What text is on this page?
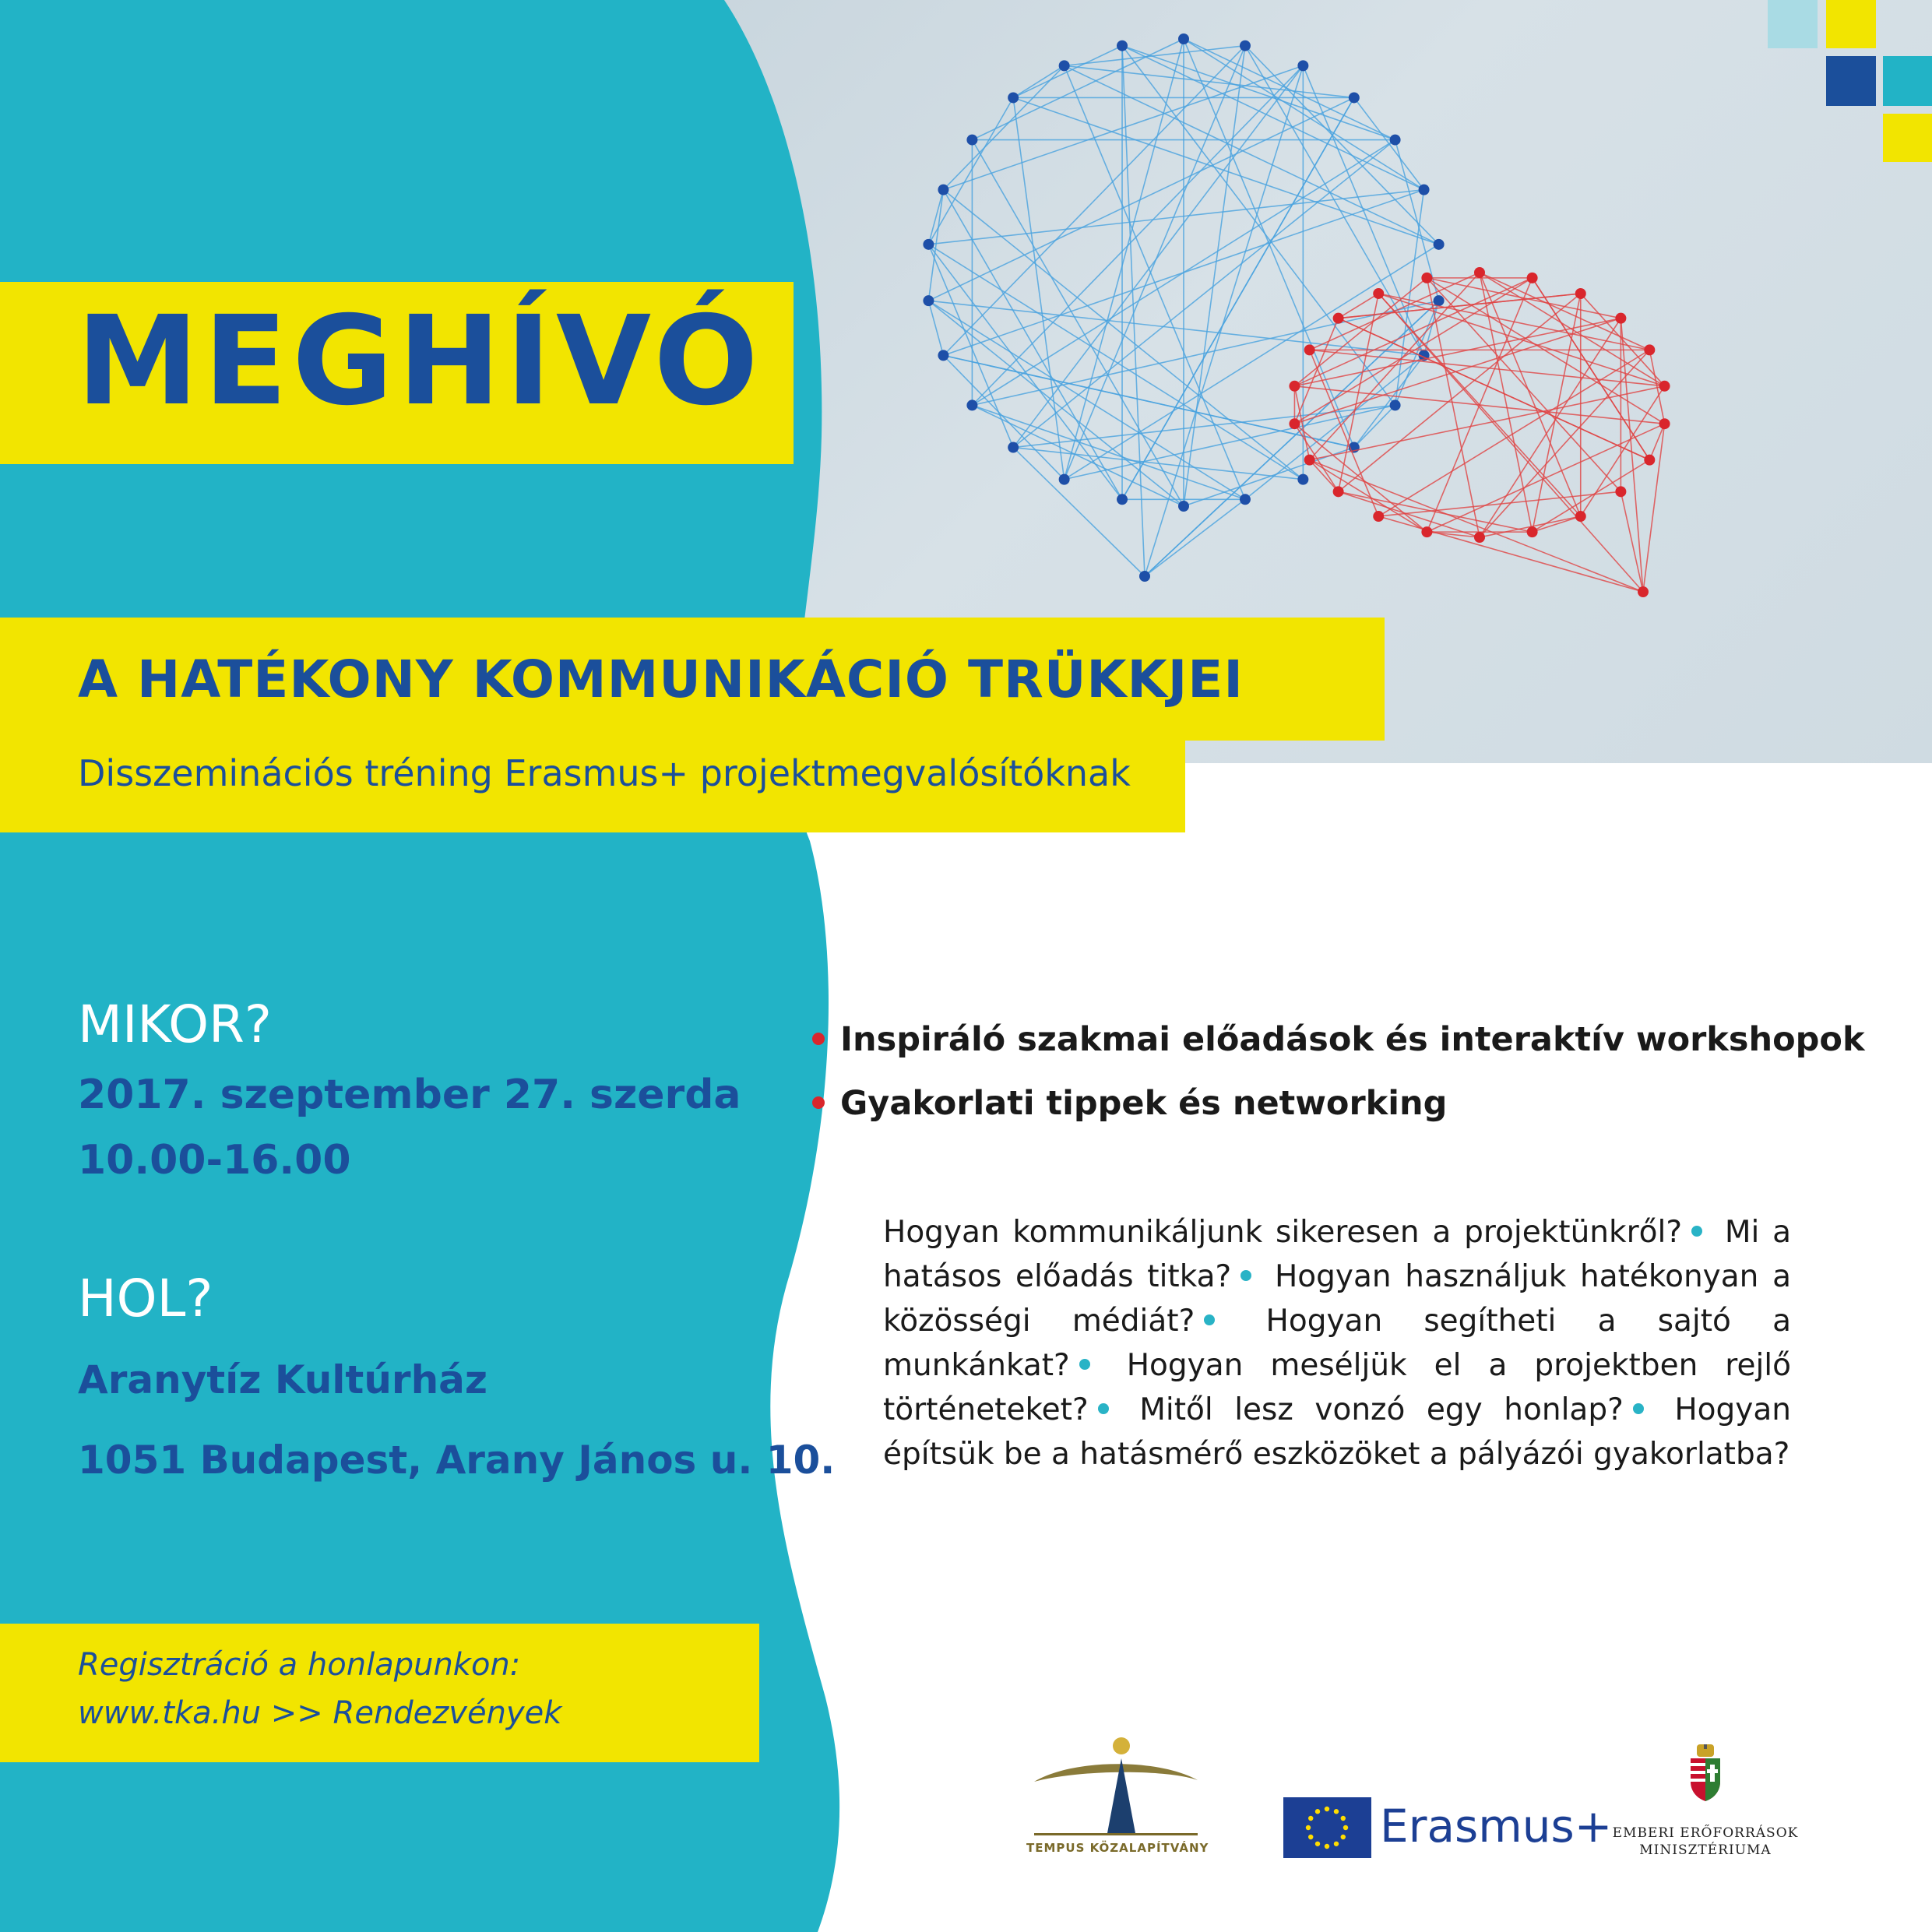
MEGHÍVÓ
A HATÉKONY KOMMUNIKÁCIÓ TRÜKKJEI
Disszeminációs tréning Erasmus+ projektmegvalósítóknak
MIKOR?
2017. szeptember 27. szerda
10.00-16.00
HOL?
Aranytíz Kultúrház
1051 Budapest, Arany János u. 10.
Regisztráció a honlapunkon:
www.tka.hu >> Rendezvények
Inspiráló szakmai előadások és interaktív workshopok
Gyakorlati tippek és networking
Hogyan kommunikáljunk sikeresen a projektünkről? Mi a hatásos előadás titka? Hogyan használjuk hatékonyan a közösségi médiát? Hogyan segítheti a sajtó a munkánkat? Hogyan meséljük el a projektben rejlő történeteket? Mitől lesz vonzó egy honlap? Hogyan építsük be a hatásmérő eszközöket a pályázói gyakorlatba?
TEMPUS KÖZALAPÍTVÁNY	Erasmus+ EMBERI ERŐFORRÁSOK
MINISZTÉRIUMA
